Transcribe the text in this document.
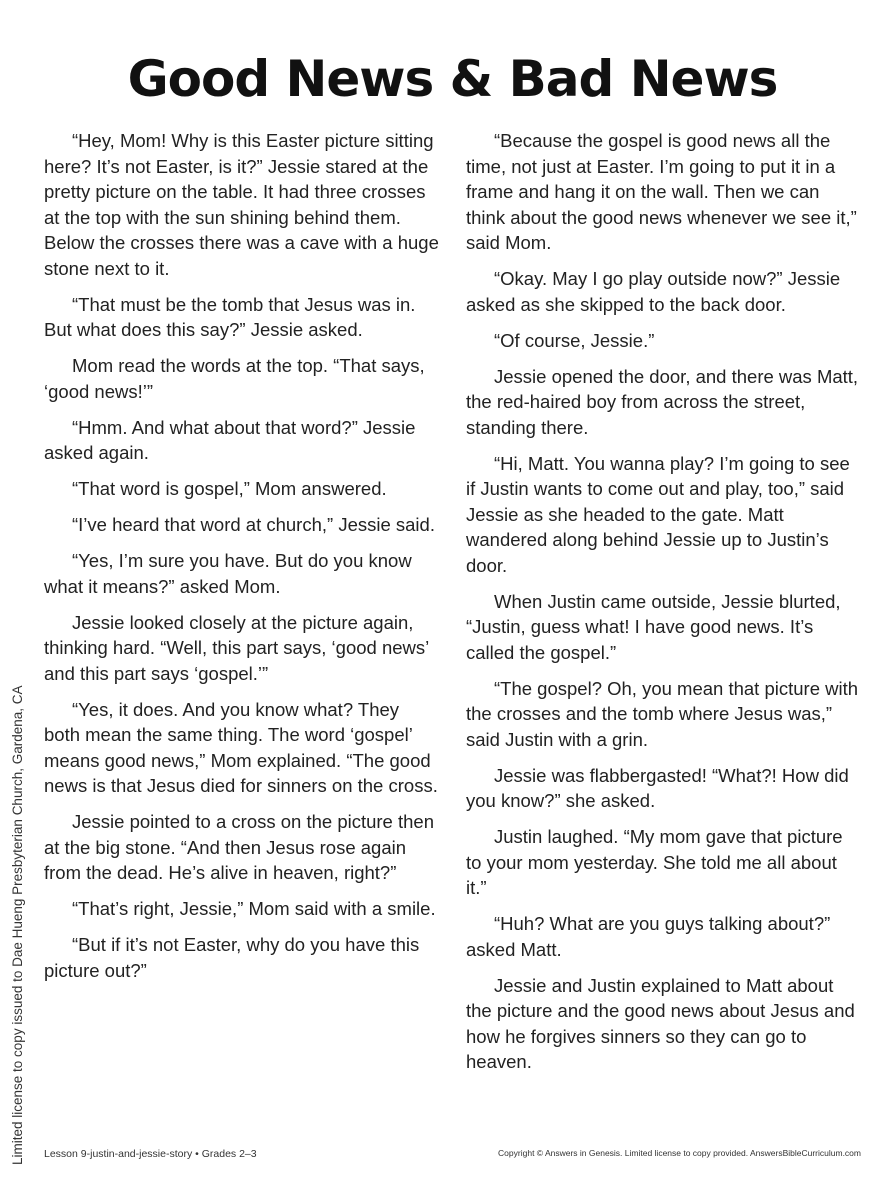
Good News & Bad News

“Hey, Mom! Why is this Easter picture sitting here? It’s not Easter, is it?” Jessie stared at the pretty picture on the table. It had three crosses at the top with the sun shining behind them. Below the crosses there was a cave with a huge stone next to it.

“That must be the tomb that Jesus was in. But what does this say?” Jessie asked.

Mom read the words at the top. “That says, ‘good news!’”

“Hmm. And what about that word?” Jessie asked again.

“That word is gospel,” Mom answered.

“I’ve heard that word at church,” Jessie said.

“Yes, I’m sure you have. But do you know what it means?” asked Mom.

Jessie looked closely at the picture again, thinking hard. “Well, this part says, ‘good news’ and this part says ‘gospel.’”

“Yes, it does. And you know what? They both mean the same thing. The word ‘gospel’ means good news,” Mom explained. “The good news is that Jesus died for sinners on the cross.

Jessie pointed to a cross on the picture then at the big stone. “And then Jesus rose again from the dead. He’s alive in heaven, right?”

“That’s right, Jessie,” Mom said with a smile.

“But if it’s not Easter, why do you have this picture out?”

“Because the gospel is good news all the time, not just at Easter. I’m going to put it in a frame and hang it on the wall. Then we can think about the good news whenever we see it,” said Mom.

“Okay. May I go play outside now?” Jessie asked as she skipped to the back door.

“Of course, Jessie.”

Jessie opened the door, and there was Matt, the red-haired boy from across the street, standing there.

“Hi, Matt. You wanna play? I’m going to see if Justin wants to come out and play, too,” said Jessie as she headed to the gate. Matt wandered along behind Jessie up to Justin’s door.

When Justin came outside, Jessie blurted, “Justin, guess what! I have good news. It’s called the gospel.”

“The gospel? Oh, you mean that picture with the crosses and the tomb where Jesus was,” said Justin with a grin.

Jessie was flabbergasted! “What?! How did you know?” she asked.

Justin laughed. “My mom gave that picture to your mom yesterday. She told me all about it.”

“Huh? What are you guys talking about?” asked Matt.

Jessie and Justin explained to Matt about the picture and the good news about Jesus and how he forgives sinners so they can go to heaven.

Limited license to copy issued to Dae Hueng Presbyterian Church, Gardena, CA Lesson 9-justin-and-jessie-story • Grades 2–3	Copyright © Answers in Genesis. Limited license to copy provided. AnswersBibleCurriculum.com
